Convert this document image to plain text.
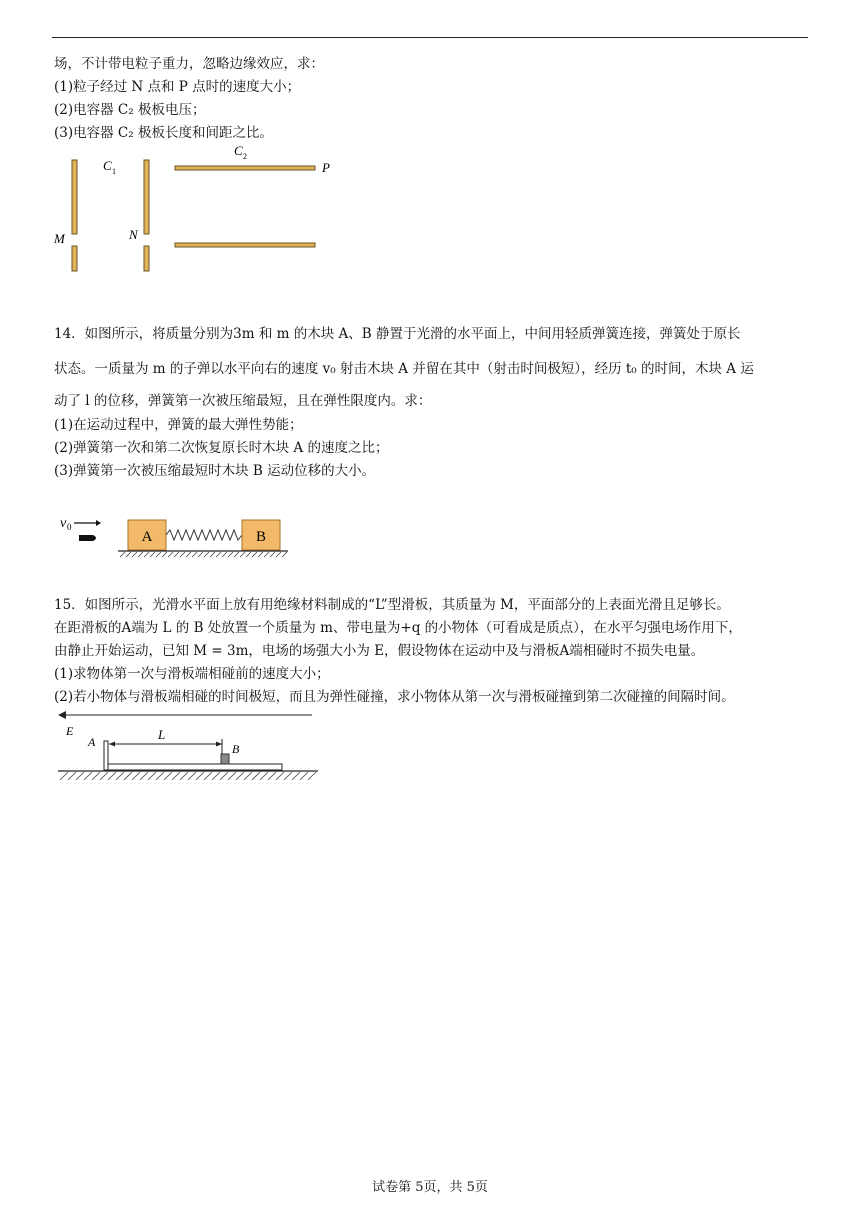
场，不计带电粒子重力，忽略边缘效应，求：
(1)粒子经过 N 点和 P 点时的速度大小；
(2)电容器 C₂ 极板电压；
(3)电容器 C₂ 极板长度和间距之比。
C 1
C 2
P
M	N
14．如图所示，将质量分别为3m 和 m 的木块 A、B 静置于光滑的水平面上，中间用轻质弹簧连接，弹簧处于原长
状态。一质量为 m 的子弹以水平向右的速度 v₀ 射击木块 A 并留在其中（射击时间极短），经历 t₀ 的时间，木块 A 运
动了 l 的位移，弹簧第一次被压缩最短，且在弹性限度内。求：
(1)在运动过程中，弹簧的最大弹性势能；
(2)弹簧第一次和第二次恢复原长时木块 A 的速度之比；
(3)弹簧第一次被压缩最短时木块 B 运动位移的大小。
v 0
A	B
15．如图所示，光滑水平面上放有用绝缘材料制成的“L”型滑板，其质量为 M，平面部分的上表面光滑且足够长。
在距滑板的A端为 L 的 B 处放置一个质量为 m、带电量为+q 的小物体（可看成是质点），在水平匀强电场作用下，
由静止开始运动，已知 M = 3m，电场的场强大小为 E，假设物体在运动中及与滑板A端相碰时不损失电量。
(1)求物体第一次与滑板端相碰前的速度大小；
(2)若小物体与滑板端相碰的时间极短，而且为弹性碰撞，求小物体从第一次与滑板碰撞到第二次碰撞的间隔时间。
E
A	L
B
试卷第 5页，共 5页
